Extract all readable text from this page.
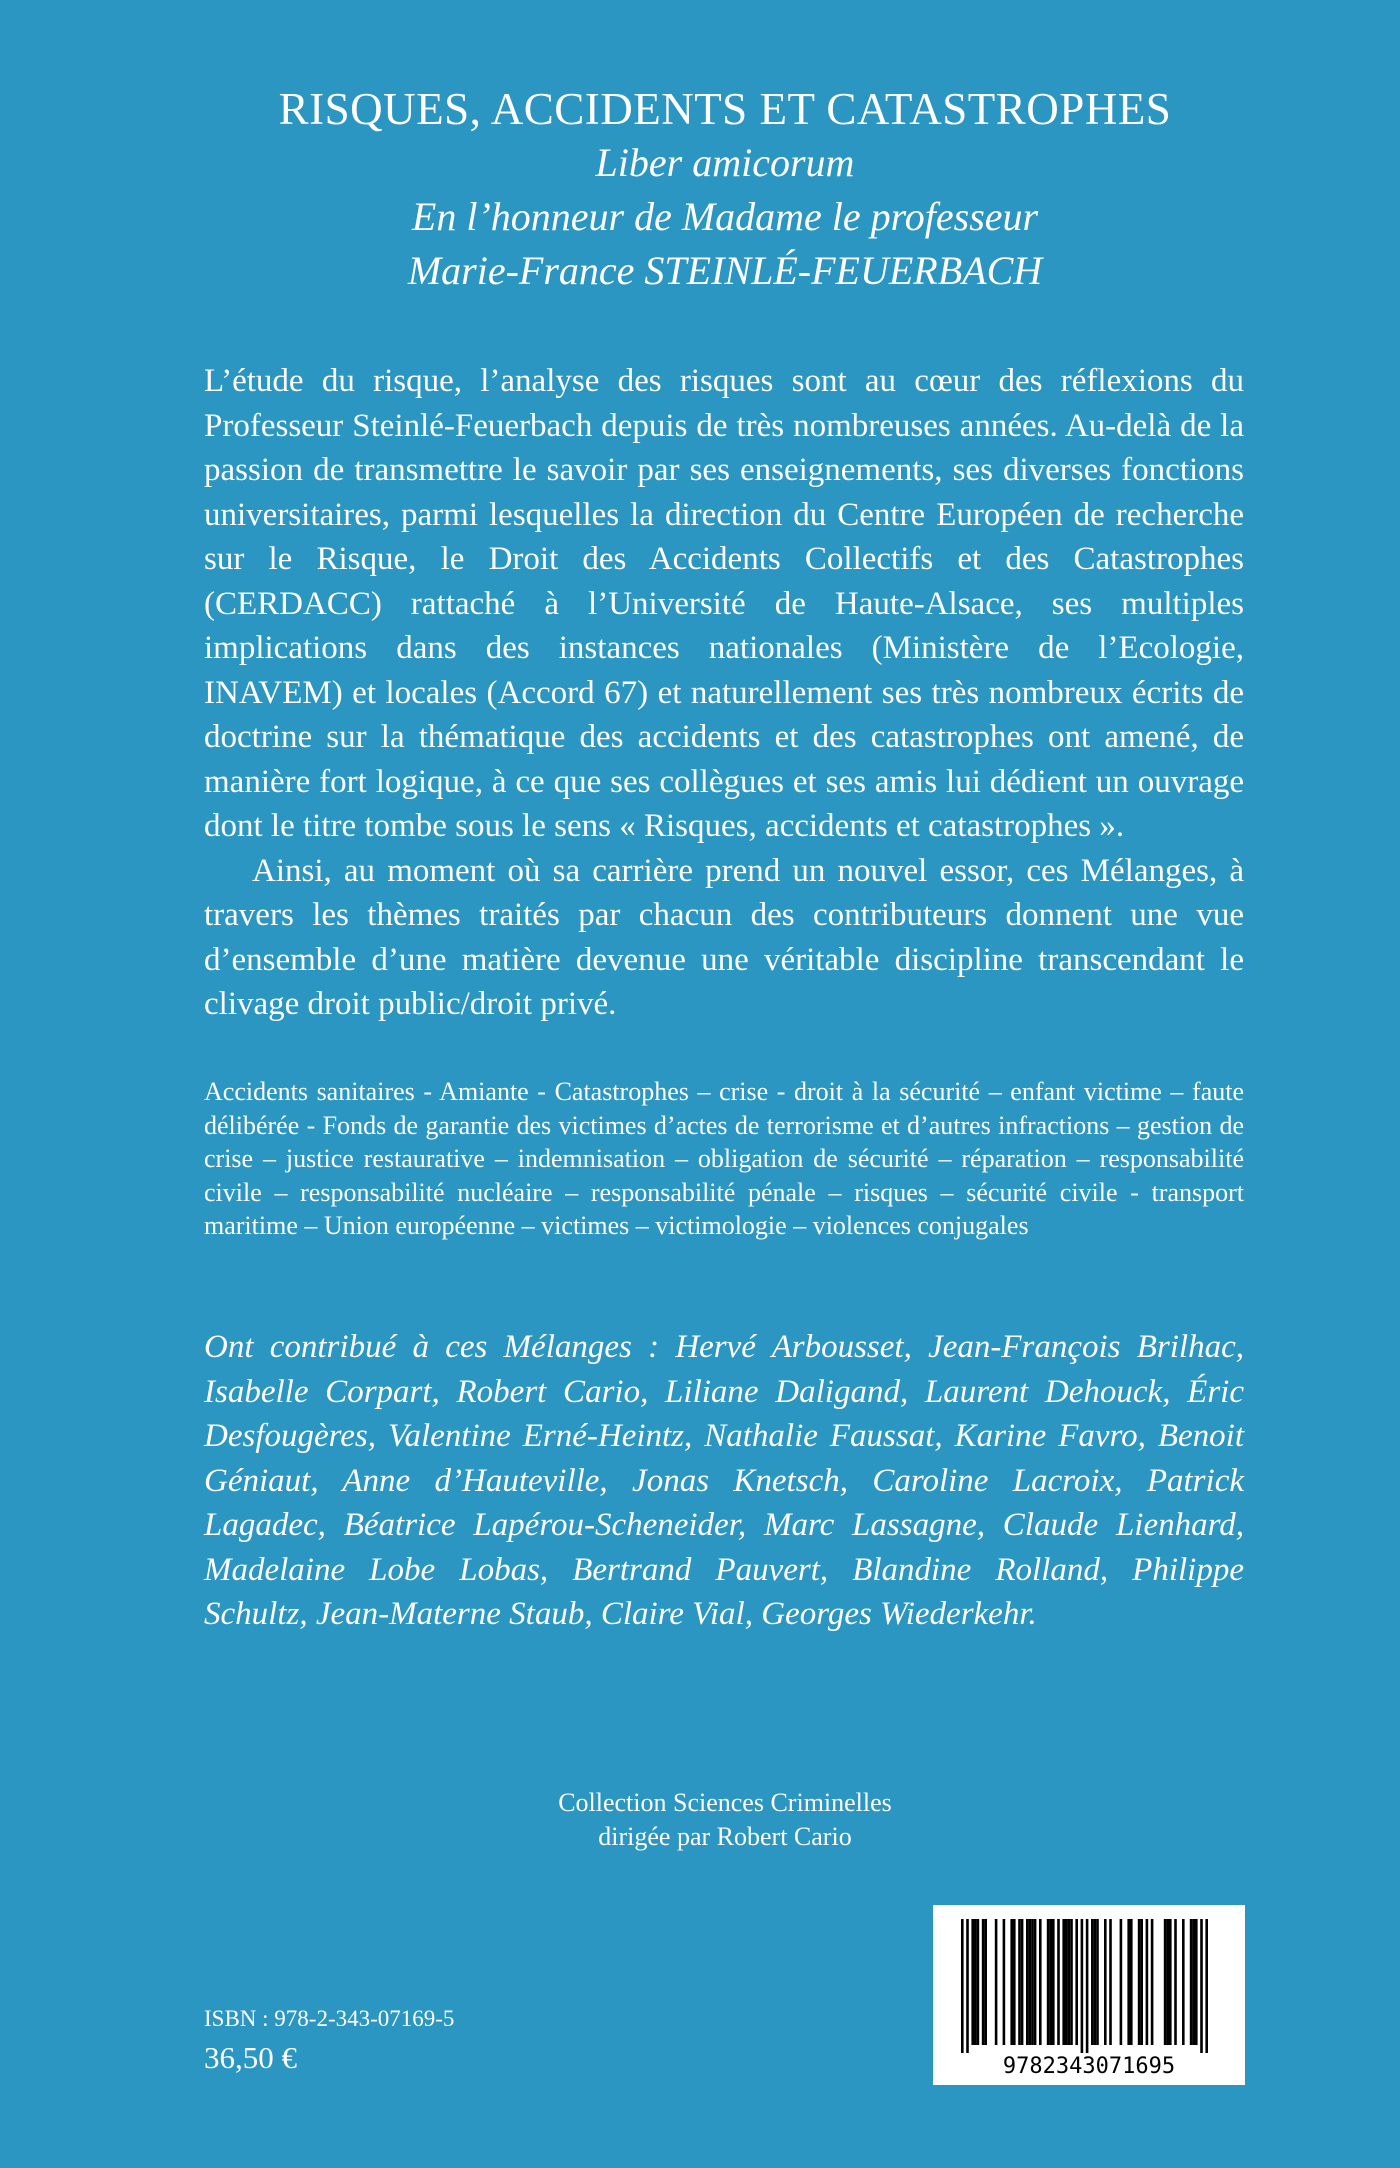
RISQUES, ACCIDENTS ET CATASTROPHES
Liber amicorum
En l’honneur de Madame le professeur
Marie-France STEINLÉ-FEUERBACH

L’étude du risque, l’analyse des risques sont au cœur des réflexions du Professeur Steinlé-Feuerbach depuis de très nombreuses années. Au-delà de la passion de transmettre le savoir par ses enseignements, ses diverses fonctions universitaires, parmi lesquelles la direction du Centre Européen de recherche sur le Risque, le Droit des Accidents Collectifs et des Catastrophes (CERDACC) rattaché à l’Université de Haute-Alsace, ses multiples implications dans des instances nationales (Ministère de l’Ecologie, INAVEM) et locales (Accord 67) et naturellement ses très nombreux écrits de doctrine sur la thématique des accidents et des catastrophes ont amené, de manière fort logique, à ce que ses collègues et ses amis lui dédient un ouvrage dont le titre tombe sous le sens « Risques, accidents et catastrophes ».

Ainsi, au moment où sa carrière prend un nouvel essor, ces Mélanges, à travers les thèmes traités par chacun des contributeurs donnent une vue d’ensemble d’une matière devenue une véritable discipline transcendant le clivage droit public/droit privé.

Accidents sanitaires - Amiante - Catastrophes – crise - droit à la sécurité – enfant victime – faute délibérée - Fonds de garantie des victimes d’actes de terrorisme et d’autres infractions – gestion de crise – justice restaurative – indemnisation – obligation de sécurité – réparation – responsabilité civile – responsabilité nucléaire – responsabilité pénale – risques – sécurité civile - transport maritime – Union européenne – victimes – victimologie – violences conjugales
Ont contribué à ces Mélanges : Hervé Arbousset, Jean-François Brilhac, Isabelle Corpart, Robert Cario, Liliane Daligand, Laurent Dehouck, Éric Desfougères, Valentine Erné-Heintz, Nathalie Faussat, Karine Favro, Benoit Géniaut, Anne d’Hauteville, Jonas Knetsch, Caroline Lacroix, Patrick Lagadec, Béatrice Lapérou-Scheneider, Marc Lassagne, Claude Lienhard, Madelaine Lobe Lobas, Bertrand Pauvert, Blandine Rolland, Philippe Schultz, Jean-Materne Staub, Claire Vial, Georges Wiederkehr.
Collection Sciences Criminelles
dirigée par Robert Cario
ISBN : 978-2-343-07169-5
36,50 €	9782343071695
